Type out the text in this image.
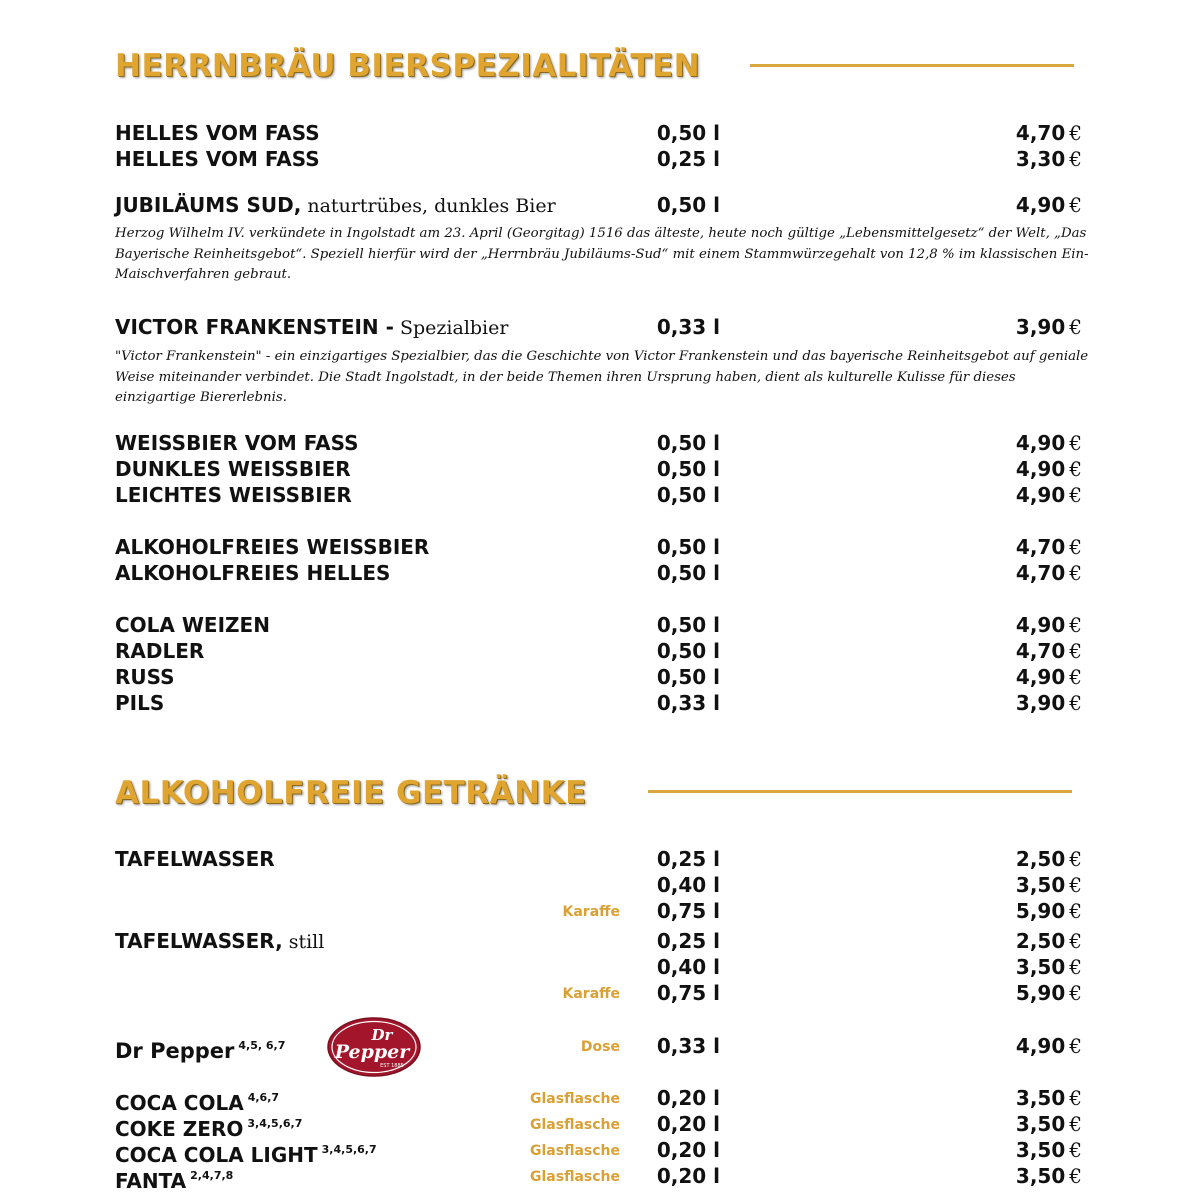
HERRNBRÄU BIERSPEZIALITÄTEN
HELLES VOM FASS	0,50 l	4,70 €
HELLES VOM FASS	0,25 l	3,30 €
JUBILÄUMS SUD, naturtrübes, dunkles Bier	0,50 l	4,90 €
Herzog Wilhelm IV. verkündete in Ingolstadt am 23. April (Georgitag) 1516 das älteste, heute noch gültige „Lebensmittelgesetz“ der Welt, „Das Bayerische Reinheitsgebot“. Speziell hierfür wird der „Herrnbräu Jubiläums-Sud“ mit einem Stammwürzegehalt von 12,8 % im klassischen Ein-Maischverfahren gebraut.
VICTOR FRANKENSTEIN - Spezialbier	0,33 l	3,90 €
"Victor Frankenstein" - ein einzigartiges Spezialbier, das die Geschichte von Victor Frankenstein und das bayerische Reinheitsgebot auf geniale Weise miteinander verbindet. Die Stadt Ingolstadt, in der beide Themen ihren Ursprung haben, dient als kulturelle Kulisse für dieses einzigartige Biererlebnis.
WEISSBIER VOM FASS	0,50 l	4,90 €
DUNKLES WEISSBIER	0,50 l	4,90 €
LEICHTES WEISSBIER	0,50 l	4,90 €
ALKOHOLFREIES WEISSBIER	0,50 l	4,70 €
ALKOHOLFREIES HELLES	0,50 l	4,70 €
COLA WEIZEN	0,50 l	4,90 €
RADLER	0,50 l	4,70 €
RUSS	0,50 l	4,90 €
PILS	0,33 l	3,90 €
ALKOHOLFREIE GETRÄNKE
TAFELWASSER	0,25 l	2,50 €
0,40 l	3,50 €
Karaffe 0,75 l	5,90 €
TAFELWASSER, still	0,25 l	2,50 €
0,40 l	3,50 €
Karaffe 0,75 l	5,90 €
Dr Pepper $^{4,5, 6,7}$	Dose 0,33 l	4,90 €
Dr
Pepper
EST 1885
COCA COLA $^{4,6,7}$	Glasflasche 0,20 l	3,50 €
COKE ZERO $^{3,4,5,6,7}$	Glasflasche 0,20 l	3,50 €
COCA COLA LIGHT $^{3,4,5,6,7}$	Glasflasche 0,20 l	3,50 €
FANTA $^{2,4,7,8}$	Glasflasche 0,20 l	3,50 €
